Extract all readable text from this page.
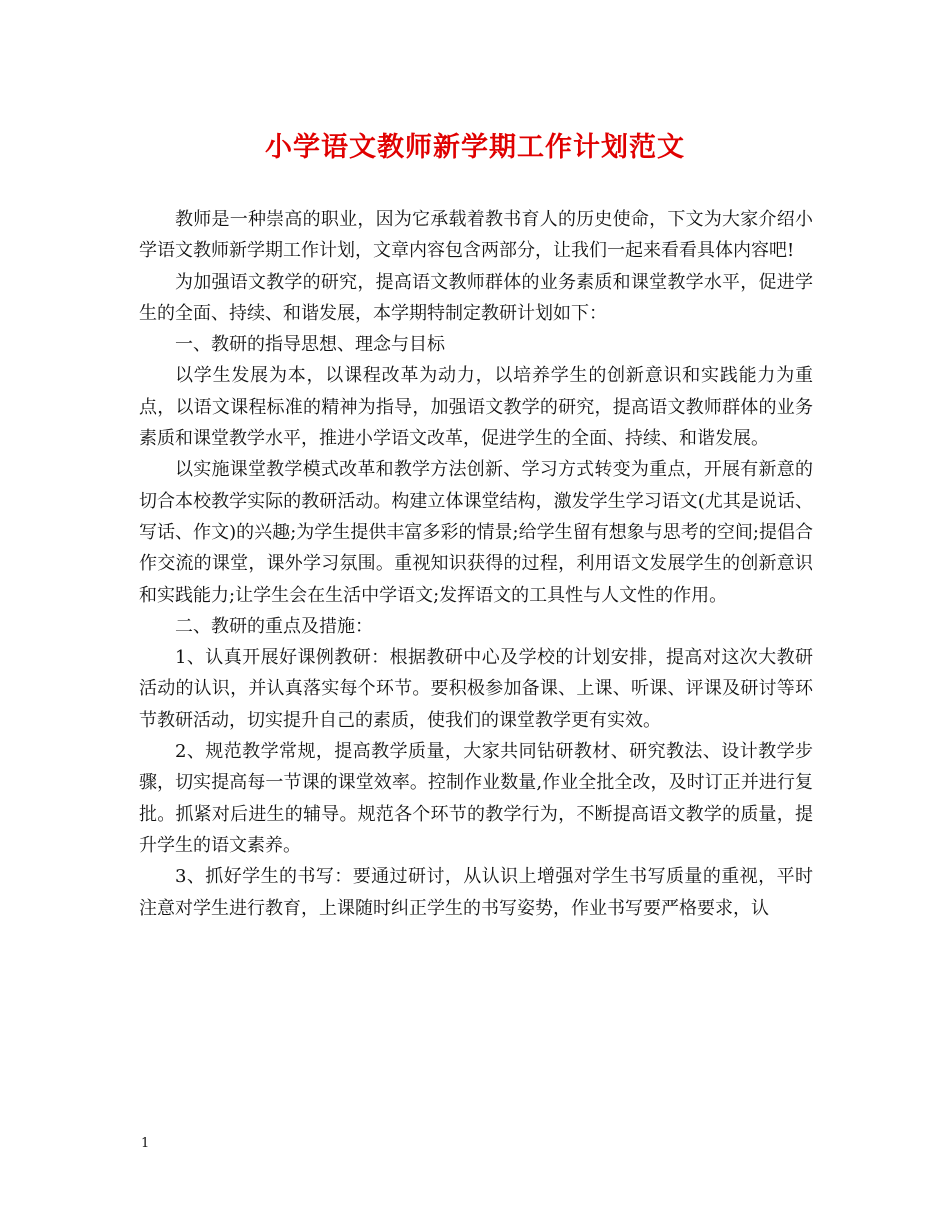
小学语文教师新学期工作计划范文

教师是一种崇高的职业，因为它承载着教书育人的历史使命，下文为大家介绍小学语文教师新学期工作计划，文章内容包含两部分，让我们一起来看看具体内容吧!

为加强语文教学的研究，提高语文教师群体的业务素质和课堂教学水平，促进学生的全面、持续、和谐发展，本学期特制定教研计划如下：

一、教研的指导思想、理念与目标

以学生发展为本，以课程改革为动力，以培养学生的创新意识和实践能力为重点，以语文课程标准的精神为指导，加强语文教学的研究，提高语文教师群体的业务素质和课堂教学水平，推进小学语文改革，促进学生的全面、持续、和谐发展。

以实施课堂教学模式改革和教学方法创新、学习方式转变为重点，开展有新意的切合本校教学实际的教研活动。构建立体课堂结构，激发学生学习语文(尤其是说话、写话、作文)的兴趣;为学生提供丰富多彩的情景;给学生留有想象与思考的空间;提倡合作交流的课堂，课外学习氛围。重视知识获得的过程，利用语文发展学生的创新意识和实践能力;让学生会在生活中学语文;发挥语文的工具性与人文性的作用。

二、教研的重点及措施：

1、认真开展好课例教研：根据教研中心及学校的计划安排，提高对这次大教研活动的认识，并认真落实每个环节。要积极参加备课、上课、听课、评课及研讨等环节教研活动，切实提升自己的素质，使我们的课堂教学更有实效。

2、规范教学常规，提高教学质量，大家共同钻研教材、研究教法、设计教学步骤，切实提高每一节课的课堂效率。控制作业数量,作业全批全改，及时订正并进行复批。抓紧对后进生的辅导。规范各个环节的教学行为，不断提高语文教学的质量，提升学生的语文素养。

3、抓好学生的书写：要通过研讨，从认识上增强对学生书写质量的重视，平时注意对学生进行教育，上课随时纠正学生的书写姿势，作业书写要严格要求，认

1
